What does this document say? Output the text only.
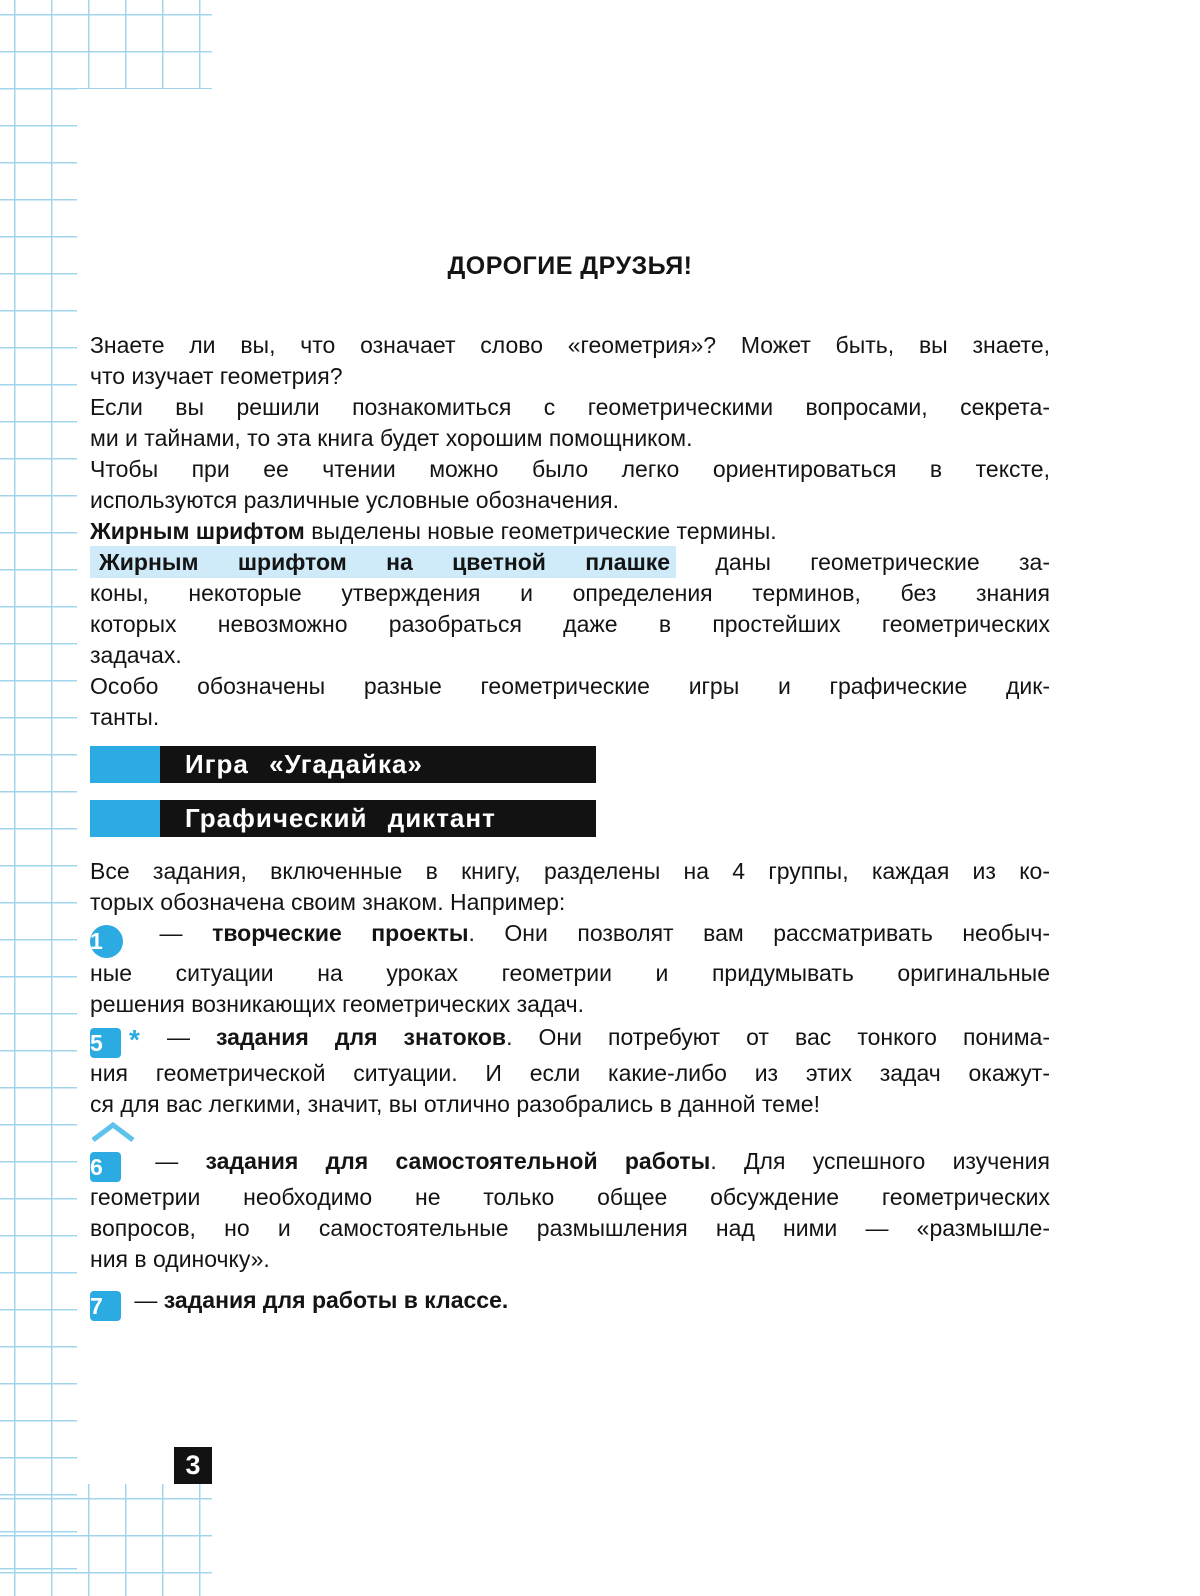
3
ДОРОГИЕ ДРУЗЬЯ!

Знаете ли вы, что означает слово «геометрия»? Может быть, вы знаете,
что изучает геометрия?

Если вы решили познакомиться с геометрическими вопросами, секрета-
ми и тайнами, то эта книга будет хорошим помощником.

Чтобы при ее чтении можно было легко ориентироваться в тексте,
используются различные условные обозначения.

Жирным шрифтом выделены новые геометрические термины.

Жирным шрифтом на цветной плашке даны геометрические за-
коны, некоторые утверждения и определения терминов, без знания
которых невозможно разобраться даже в простейших геометрических
задачах.

Особо обозначены разные геометрические игры и графические дик-
танты.

Игра «Угадайка»
Графический диктант

Все задания, включенные в книгу, разделены на 4 группы, каждая из ко-
торых обозначена своим знаком. Например:

1 — творческие проекты. Они позволят вам рассматривать необыч-
ные ситуации на уроках геометрии и придумывать оригинальные
решения возникающих геометрических задач.

5 * — задания для знатоков. Они потребуют от вас тонкого понима-
ния геометрической ситуации. И если какие-либо из этих задач окажут-
ся для вас легкими, значит, вы отлично разобрались в данной теме!

6 — задания для самостоятельной работы. Для успешного изучения
геометрии необходимо не только общее обсуждение геометрических
вопросов, но и самостоятельные размышления над ними — «размышле-
ния в одиночку».

7 — задания для работы в классе.
